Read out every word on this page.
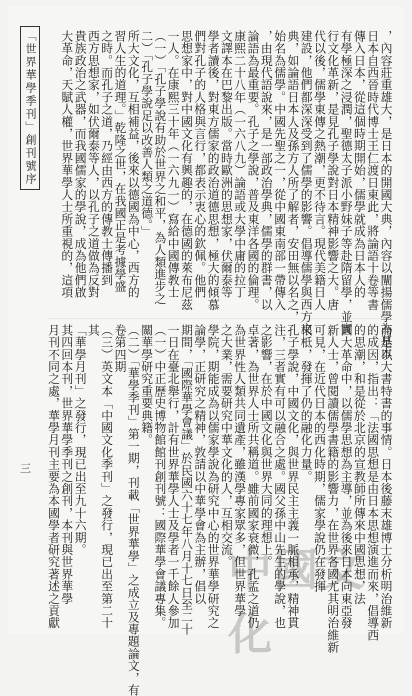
「世界華學季刊」創刊號序
三
，內容莊重雄大，是日本的開國大典，內容以闡揚儒學為基本
日本自西晉時代博士王仁渡日東此，將論語十卷等書
傳入日本，從這個時期開始，儒學就成為日本人的
有學極深之浸潤，聖德太子派小野妹子等赴隋留學，並實
行文化革新，是見孔子學說對日本精神影響之大。唐
代以後，儒學東傳之熱潮，更不待言。現代美籍日人
建設，他們都深深受到了儒學的影響。倡導儒學與西方文
典，如論語日本人及孫方人所了解者，安田無以名之，
始名為儒學。中國先聖之一，從中國東南部一帶傳入
，由現代語說來，是一部政治學典，儒學的群書，以
論語為最重要。孔子之學說，普及東洋各國的倫理。
康熙二十八年（一六八九）論語或大學中庸的拉丁
文譯本在巴黎出版。當時歐洲的思想家，伏爾泰等
學者讀後，對東方儒家的政治道德思想，極大的傾慕
們對孔子的人格與言行，都表示衷心的欽佩。他們
思想家中，對中國文化有興趣的，在德國的萊布尼茲
一人。在康熙三十年（一六九一）寫給中國傳教士
（一）「孔子學說有助於世界之和平，為人類進步之
二）「孔子學說足以改善人類之道德。」
所大文化，互相補益，後來以德國為中心，西方的
習人生的道理。」乾隆之世，在我國正是考據學盛
之時。而孔子之道，乃經由西方的傳教士傳播到
西方思想家，如伏爾泰等人，以孔子之道做為反對
貴族政治之武器，而我國儒家的學說，成為他們啟
大革命，天賦人權，世界華學人士所重視的，這項
而足以大書特書的事情。日本後藤末雄博士分析明治維新
的成因，指出：「法國思想是由日本思想演進而來，倡導西
的思潮，和是從於北京的宣教師所傳來中國思想，法
國大革命中，以儒學思想為主導，並為後來日本向東亞發
新人士，曾閱讀儒學書籍的影響力，在世界各國尤其明治維新
可見，在近代日本的西化時期，儒家學說仍在發揮
根柢，發揮了仍的融化力量。
孔子學說，中國文化，與世界民主主義一脈相承，精神貫
注，三者實有可以融合之處。國父孫中山先生的學說，也
之影響，在於中國文化與世界大同的理想上。
卓著，為世界人士所共稱道。雖前國家衰微，孔孟之道仍
為世界性人類共同遺產，雖漢學專家眾多，但世界華學
之大業，需要研究中華文化的人，互相交流。
學院，期能成為以儒家學說為研究中心的世界華學研究之
論學，正研究之精神，敦請以中華學會為主辦，倡以
期間，「國際華學會議」於民國六十七年八月十七日至二十
一日在臺北舉行，計有世界華學人士及學者一千餘人參加
（一）中正歷史博物館館刊創刊號：國際華學會議專集。
關華學研究重要典籍。
（二）「華學季刊」第一期，刊載「世界華學」之成立及專題論文，有
卷第四期
（三）英文本「中國文化季刊」之發行，現已出至第二十
其
「華學月刊」之發行，現已出至九十六期。
其四回本刊，世界華學季刊之創刊，本刊與世界華學
月刊不同之處，華學月刊主要為本國學者研究著述之貢獻	中國文化
